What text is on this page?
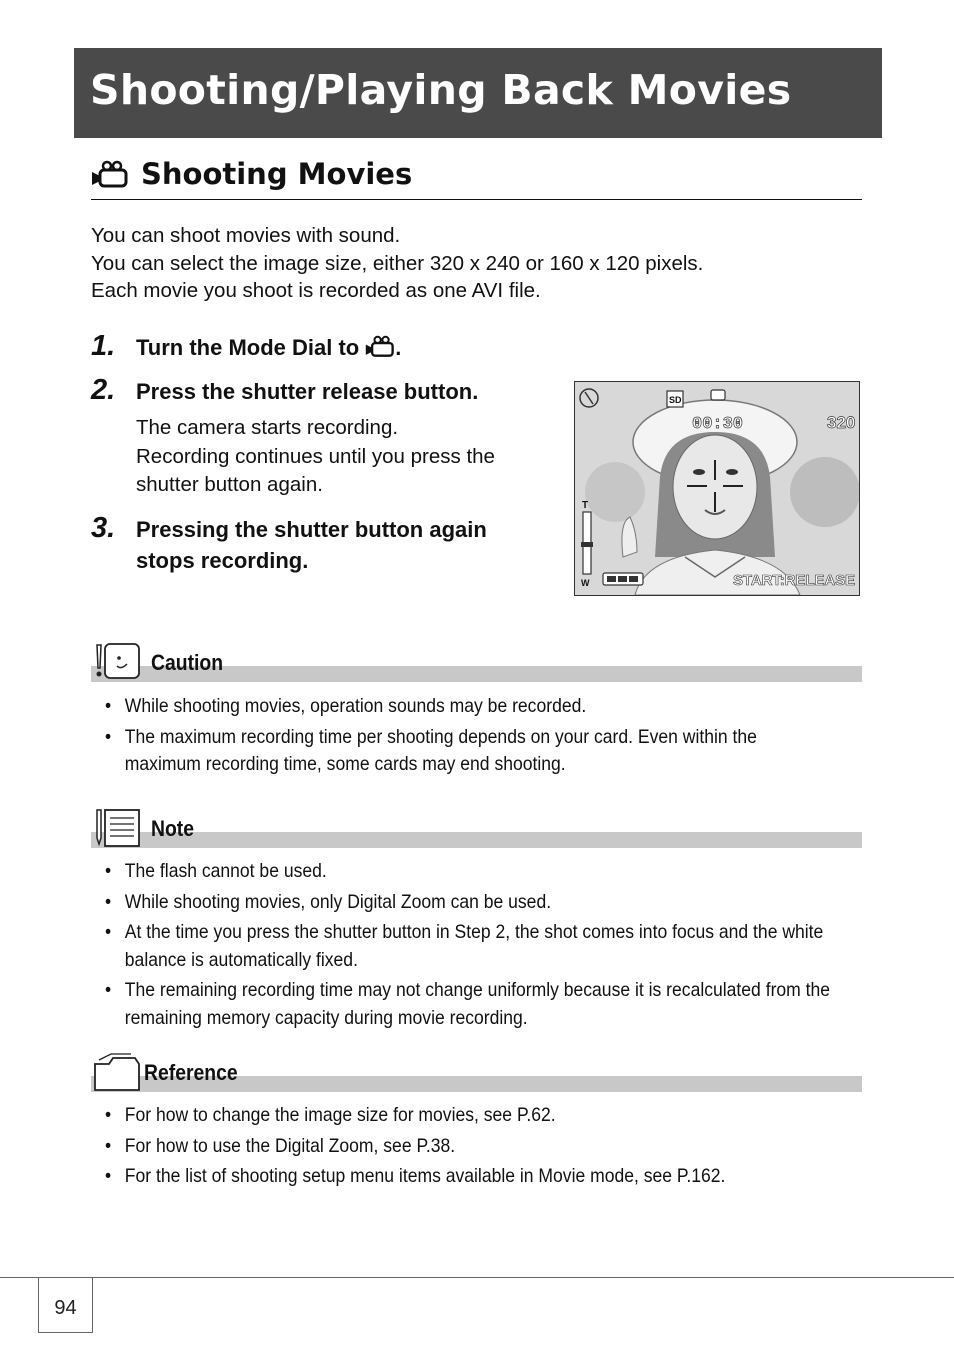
Shooting/Playing Back Movies
Shooting Movies
You can shoot movies with sound.
You can select the image size, either 320 x 240 or 160 x 120 pixels.
Each movie you shoot is recorded as one AVI file.
1. Turn the Mode Dial to .
2. Press the shutter release button.
The camera starts recording.
Recording continues until you press the
shutter button again.
3. Pressing the shutter button again
stops recording.
SD
00:30	320
T
W	START:RELEASE
Caution
• While shooting movies, operation sounds may be recorded.
• The maximum recording time per shooting depends on your card. Even within the maximum recording time, some cards may end shooting.
Note
• The flash cannot be used.
• While shooting movies, only Digital Zoom can be used.
• At the time you press the shutter button in Step 2, the shot comes into focus and the white balance is automatically fixed.
• The remaining recording time may not change uniformly because it is recalculated from the remaining memory capacity during movie recording.
Reference
• For how to change the image size for movies, see P.62.
• For how to use the Digital Zoom, see P.38.
• For the list of shooting setup menu items available in Movie mode, see P.162.
94
